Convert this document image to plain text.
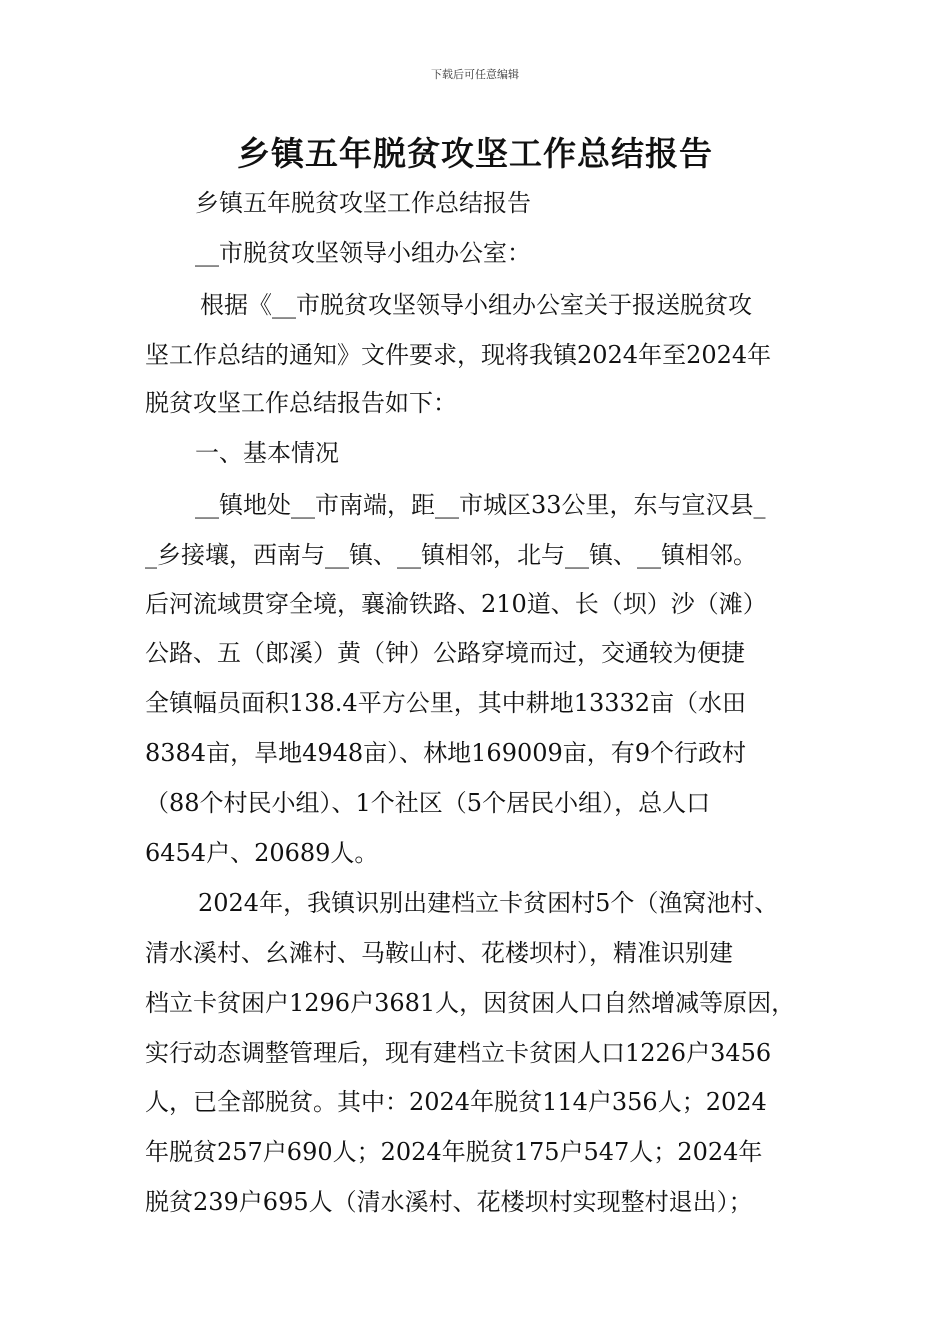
下载后可任意编辑
乡镇五年脱贫攻坚工作总结报告
乡镇五年脱贫攻坚工作总结报告
__市脱贫攻坚领导小组办公室：
根据《__市脱贫攻坚领导小组办公室关于报送脱贫攻
坚工作总结的通知》文件要求，现将我镇2024年至2024年
脱贫攻坚工作总结报告如下：
一、基本情况
__镇地处__市南端，距__市城区33公里，东与宣汉县_
_乡接壤，西南与__镇、__镇相邻，北与__镇、__镇相邻。
后河流域贯穿全境，襄渝铁路、210道、长（坝）沙（滩）
公路、五（郎溪）黄（钟）公路穿境而过，交通较为便捷
全镇幅员面积138.4平方公里，其中耕地13332亩（水田
8384亩，旱地4948亩）、林地169009亩，有9个行政村
（88个村民小组）、1个社区（5个居民小组），总人口
6454户、20689人。
2024年，我镇识别出建档立卡贫困村5个（渔窝池村、
清水溪村、幺滩村、马鞍山村、花楼坝村），精准识别建
档立卡贫困户1296户3681人，因贫困人口自然增减等原因，
实行动态调整管理后，现有建档立卡贫困人口1226户3456
人，已全部脱贫。其中：2024年脱贫114户356人；2024
年脱贫257户690人；2024年脱贫175户547人；2024年
脱贫239户695人（清水溪村、花楼坝村实现整村退出）；
